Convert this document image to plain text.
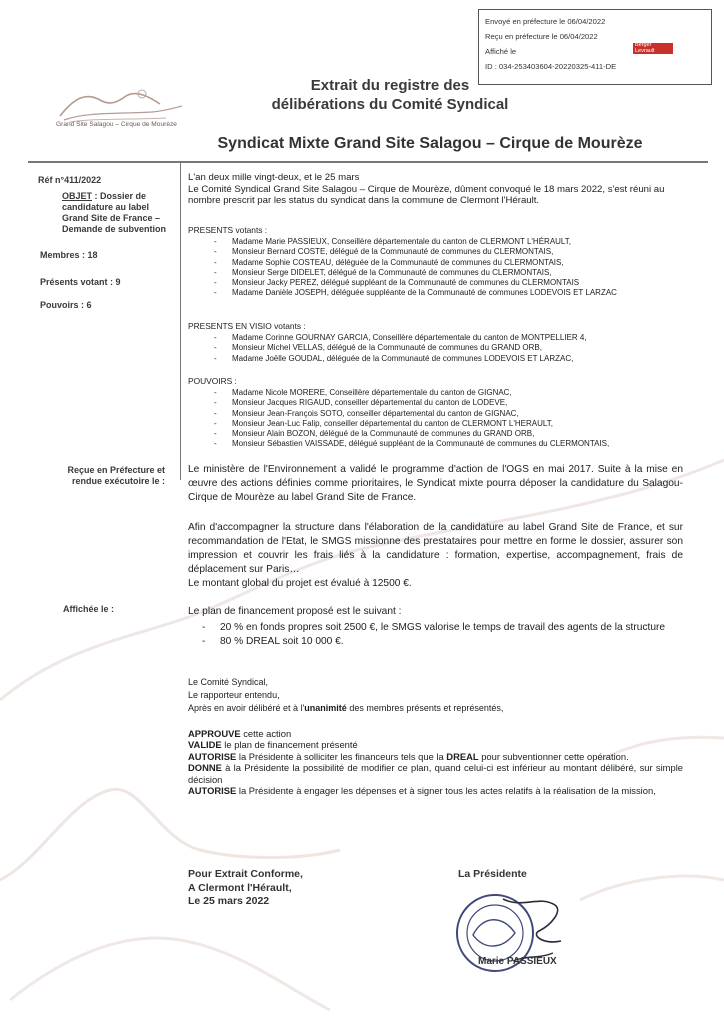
Envoyé en préfecture le 06/04/2022
Reçu en préfecture le 06/04/2022
Affiché le
ID : 034-253403604-20220325-411-DE
Berger Levrault
Grand Site Salagou – Cirque de Mourèze
Extrait du registre des
délibérations du Comité Syndical
Syndicat Mixte Grand Site Salagou – Cirque de Mourèze
Réf n°411/2022
OBJET : Dossier de candidature au label Grand Site de France – Demande de subvention
Membres : 18
Présents votant : 9
Pouvoirs : 6
Reçue en Préfecture et rendue exécutoire le :
Affichée le :
L'an deux mille vingt-deux, et le 25 mars
Le Comité Syndical Grand Site Salagou – Cirque de Mourèze, dûment convoqué le 18 mars 2022, s'est réuni au nombre prescrit par les status du syndicat dans la commune de Clermont l'Hérault.
PRESENTS votants :
- Madame Marie PASSIEUX, Conseillère départementale du canton de CLERMONT L'HÉRAULT,
- Monsieur Bernard COSTE, délégué de la Communauté de communes du CLERMONTAIS,
- Madame Sophie COSTEAU, déléguée de la Communauté de communes du CLERMONTAIS,
- Monsieur Serge DIDELET, délégué de la Communauté de communes du CLERMONTAIS,
- Monsieur Jacky PEREZ, délégué suppléant de la Communauté de communes du CLERMONTAIS
- Madame Danièle JOSEPH, déléguée suppléante de la Communauté de communes LODEVOIS ET LARZAC
PRESENTS EN VISIO votants :
- Madame Corinne GOURNAY GARCIA, Conseillère départementale du canton de MONTPELLIER 4,
- Monsieur Michel VELLAS, délégué de la Communauté de communes du GRAND ORB,
- Madame Joëlle GOUDAL, déléguée de la Communauté de communes LODEVOIS ET LARZAC,
POUVOIRS :
- Madame Nicole MORERE, Conseillère départementale du canton de GIGNAC,
- Monsieur Jacques RIGAUD, conseiller départemental du canton de LODEVE,
- Monsieur Jean-François SOTO, conseiller départemental du canton de GIGNAC,
- Monsieur Jean-Luc Falip, conseiller départemental du canton de CLERMONT L'HERAULT,
- Monsieur Alain BOZON, délégué de la Communauté de communes du GRAND ORB,
- Monsieur Sébastien VAISSADE, délégué suppléant de la Communauté de communes du CLERMONTAIS,
Le ministère de l'Environnement a validé le programme d'action de l'OGS en mai 2017. Suite à la mise en œuvre des actions définies comme prioritaires, le Syndicat mixte pourra déposer la candidature du Salagou-Cirque de Mourèze au label Grand Site de France.
Afin d'accompagner la structure dans l'élaboration de la candidature au label Grand Site de France, et sur recommandation de l'Etat, le SMGS missionne des prestataires pour mettre en forme le dossier, assurer son impression et couvrir les frais liés à la candidature : formation, expertise, accompagnement, frais de déplacement sur Paris…
Le montant global du projet est évalué à 12500 €.
Le plan de financement proposé est le suivant :
- 20 % en fonds propres soit 2500 €, le SMGS valorise le temps de travail des agents de la structure
- 80 % DREAL soit 10 000 €.
Le Comité Syndical,
Le rapporteur entendu,
Après en avoir délibéré et à l'unanimité des membres présents et représentés,
APPROUVE cette action
VALIDE le plan de financement présenté
AUTORISE la Présidente à solliciter les financeurs tels que la DREAL pour subventionner cette opération.
DONNE à la Présidente la possibilité de modifier ce plan, quand celui-ci est inférieur au montant délibéré, sur simple décision
AUTORISE la Présidente à engager les dépenses et à signer tous les actes relatifs à la réalisation de la mission,
Pour Extrait Conforme,
A Clermont l'Hérault,
Le 25 mars 2022
La Présidente
Marie PASSIEUX
